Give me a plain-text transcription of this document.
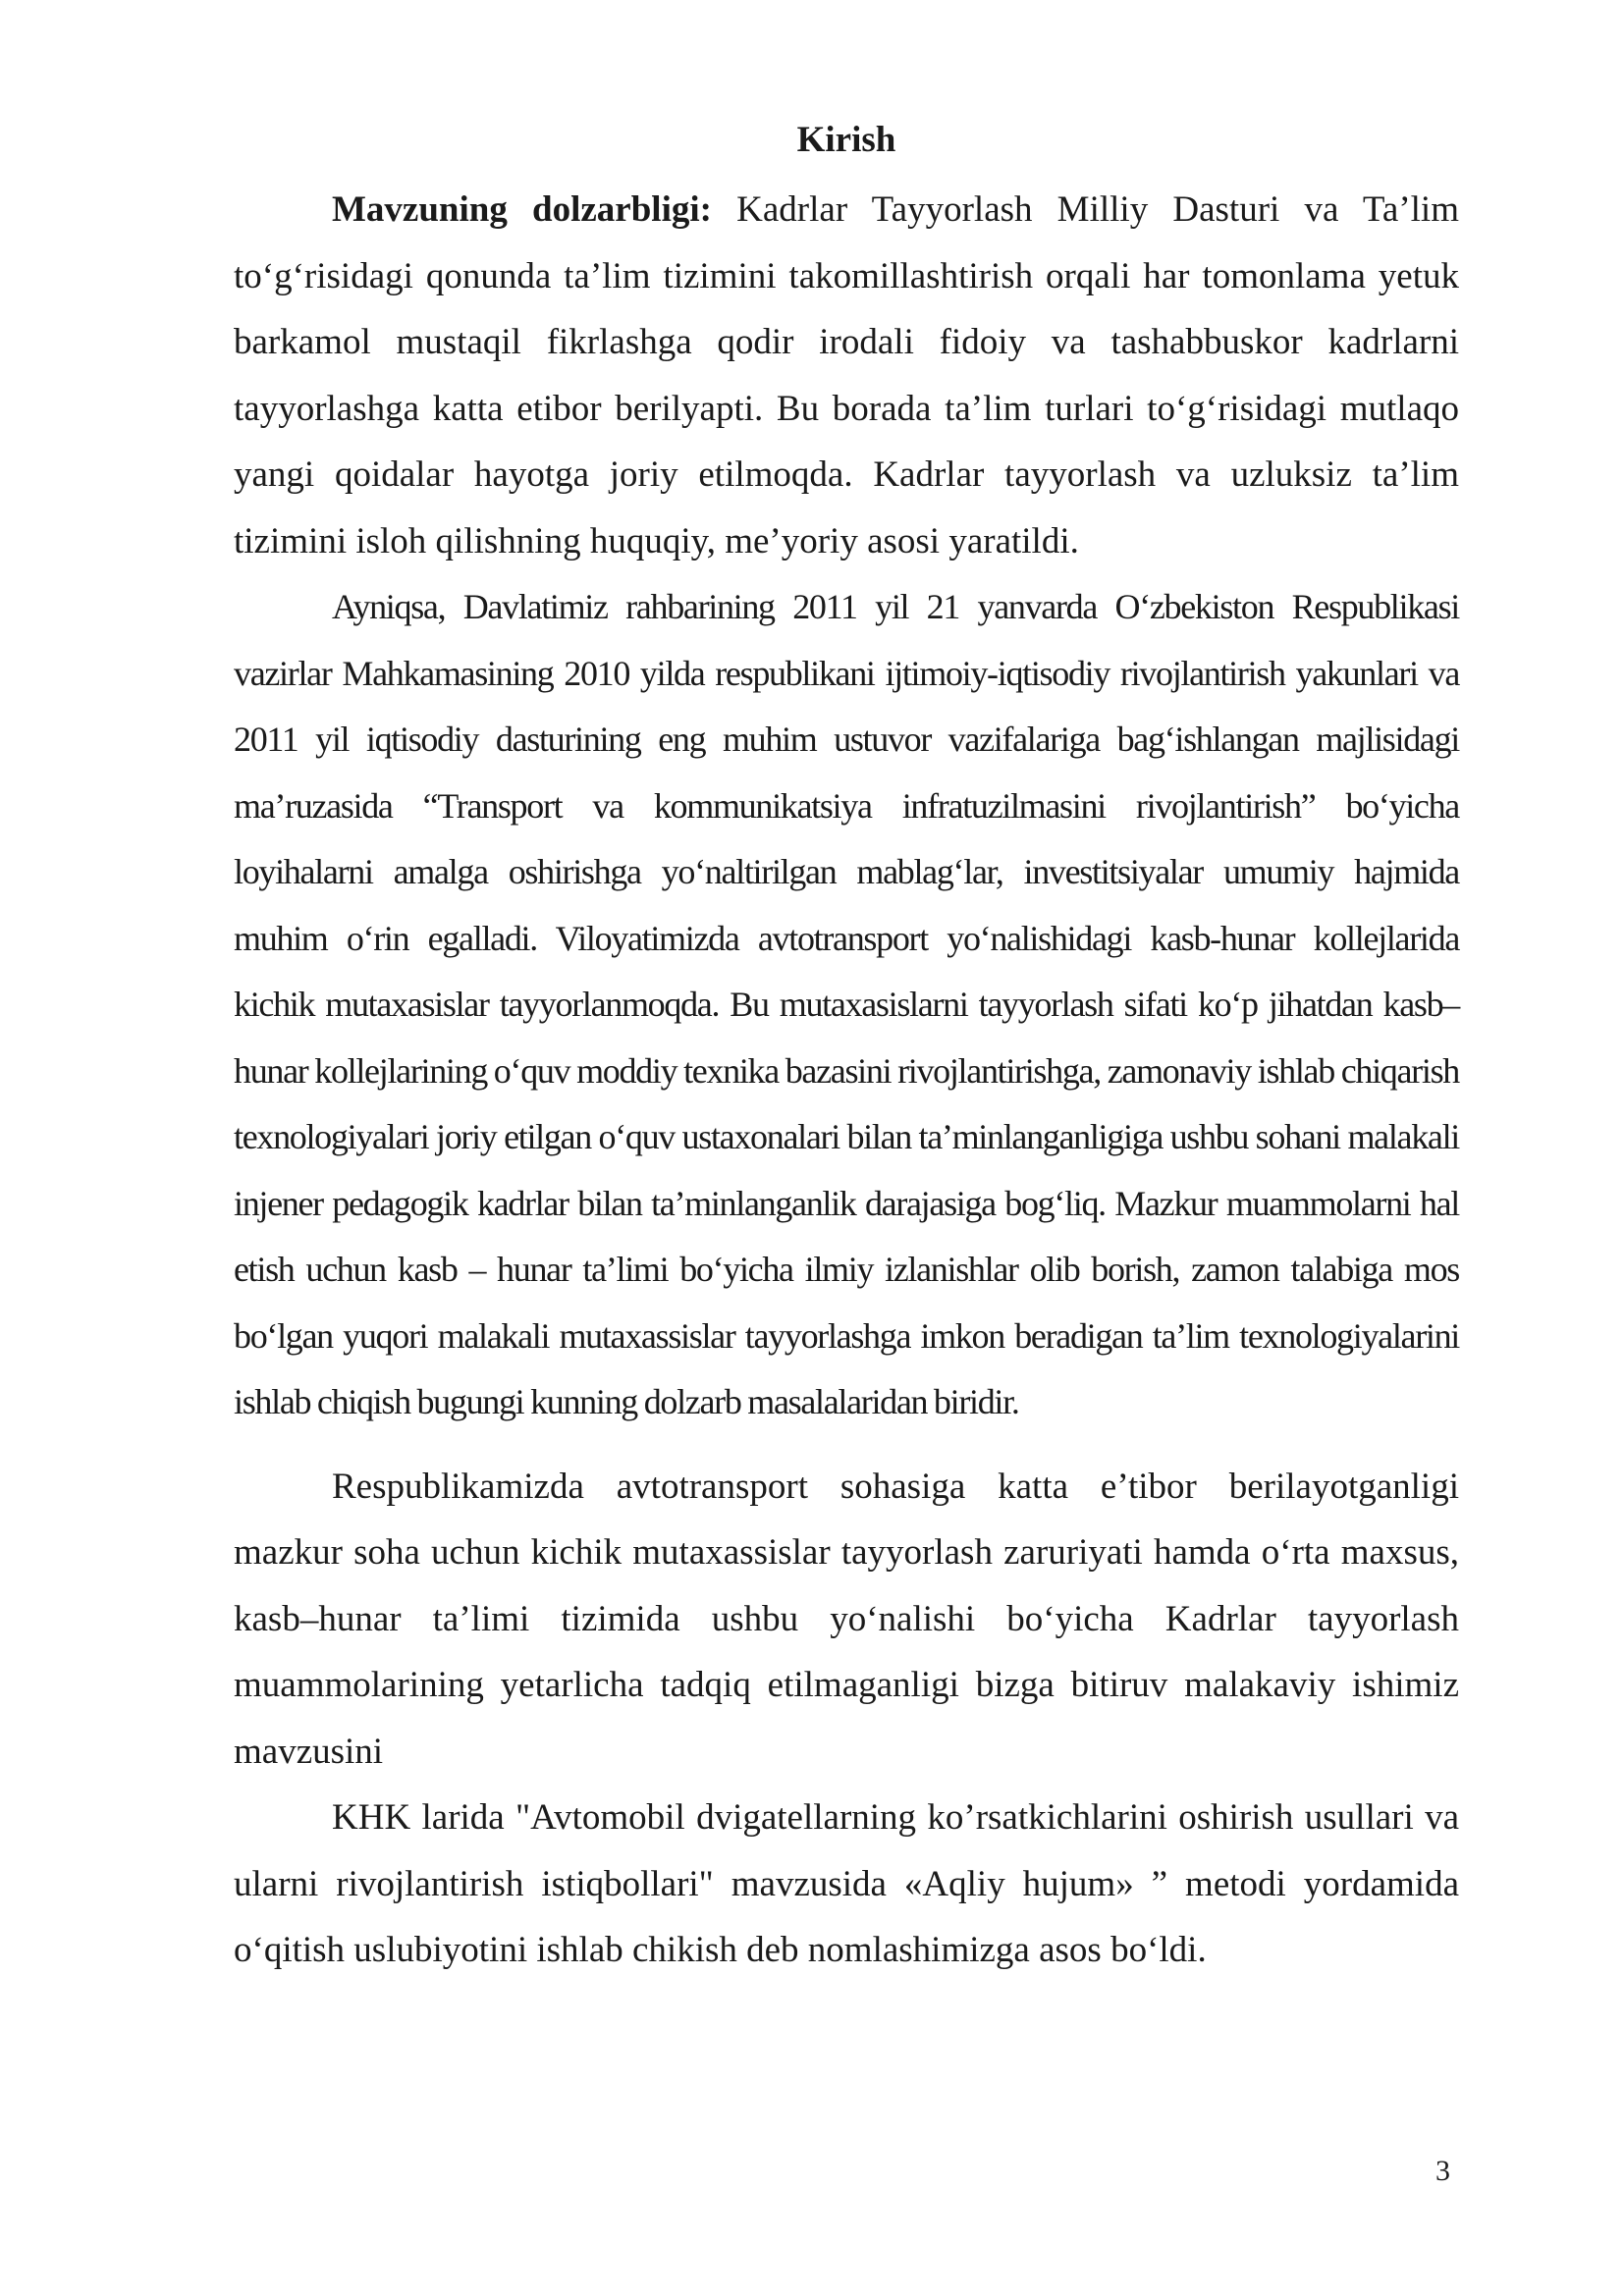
Kirish

Mavzuning dolzarbligi: Kadrlar Tayyorlash Milliy Dasturi va Ta’lim to‘g‘risidagi qonunda ta’lim tizimini takomillashtirish orqali har tomonlama yetuk barkamol mustaqil fikrlashga qodir irodali fidoiy va tashabbuskor kadrlarni tayyorlashga katta etibor berilyapti. Bu borada ta’lim turlari to‘g‘risidagi mutlaqo yangi qoidalar hayotga joriy etilmoqda. Kadrlar tayyorlash va uzluksiz ta’lim tizimini isloh qilishning huquqiy, me’yoriy asosi yaratildi.

Ayniqsa, Davlatimiz rahbarining 2011 yil 21 yanvarda O‘zbekiston Respublikasi vazirlar Mahkamasining 2010 yilda respublikani ijtimoiy-iqtisodiy rivojlantirish yakunlari va 2011 yil iqtisodiy dasturining eng muhim ustuvor vazifalariga bag‘ishlangan majlisidagi ma’ruzasida “Transport va kommunikatsiya infratuzilmasini rivojlantirish” bo‘yicha loyihalarni amalga oshirishga yo‘naltirilgan mablag‘lar, investitsiyalar umumiy hajmida muhim o‘rin egalladi. Viloyatimizda avtotransport yo‘nalishidagi kasb-hunar kollejlarida kichik mutaxasislar tayyorlanmoqda. Bu mutaxasislarni tayyorlash sifati ko‘p jihatdan kasb–hunar kollejlarining o‘quv moddiy texnika bazasini rivojlantirishga, zamonaviy ishlab chiqarish texnologiyalari joriy etilgan o‘quv ustaxonalari bilan ta’minlanganligiga ushbu sohani malakali injener pedagogik kadrlar bilan ta’minlanganlik darajasiga bog‘liq. Mazkur muammolarni hal etish uchun kasb – hunar ta’limi bo‘yicha ilmiy izlanishlar olib borish, zamon talabiga mos bo‘lgan yuqori malakali mutaxassislar tayyorlashga imkon beradigan ta’lim texnologiyalarini ishlab chiqish bugungi kunning dolzarb masalalaridan biridir.

Respublikamizda avtotransport sohasiga katta e’tibor berilayotganligi mazkur soha uchun kichik mutaxassislar tayyorlash zaruriyati hamda o‘rta maxsus, kasb–hunar ta’limi tizimida ushbu yo‘nalishi bo‘yicha Kadrlar tayyorlash muammolarining yetarlicha tadqiq etilmaganligi bizga bitiruv malakaviy ishimiz mavzusini

KHK larida "Avtomobil dvigatellarning ko’rsatkichlarini oshirish usullari va ularni rivojlantirish istiqbollari" mavzusida «Aqliy hujum» ” metodi yordamida o‘qitish uslubiyotini ishlab chikish deb nomlashimizga asos bo‘ldi.

3
